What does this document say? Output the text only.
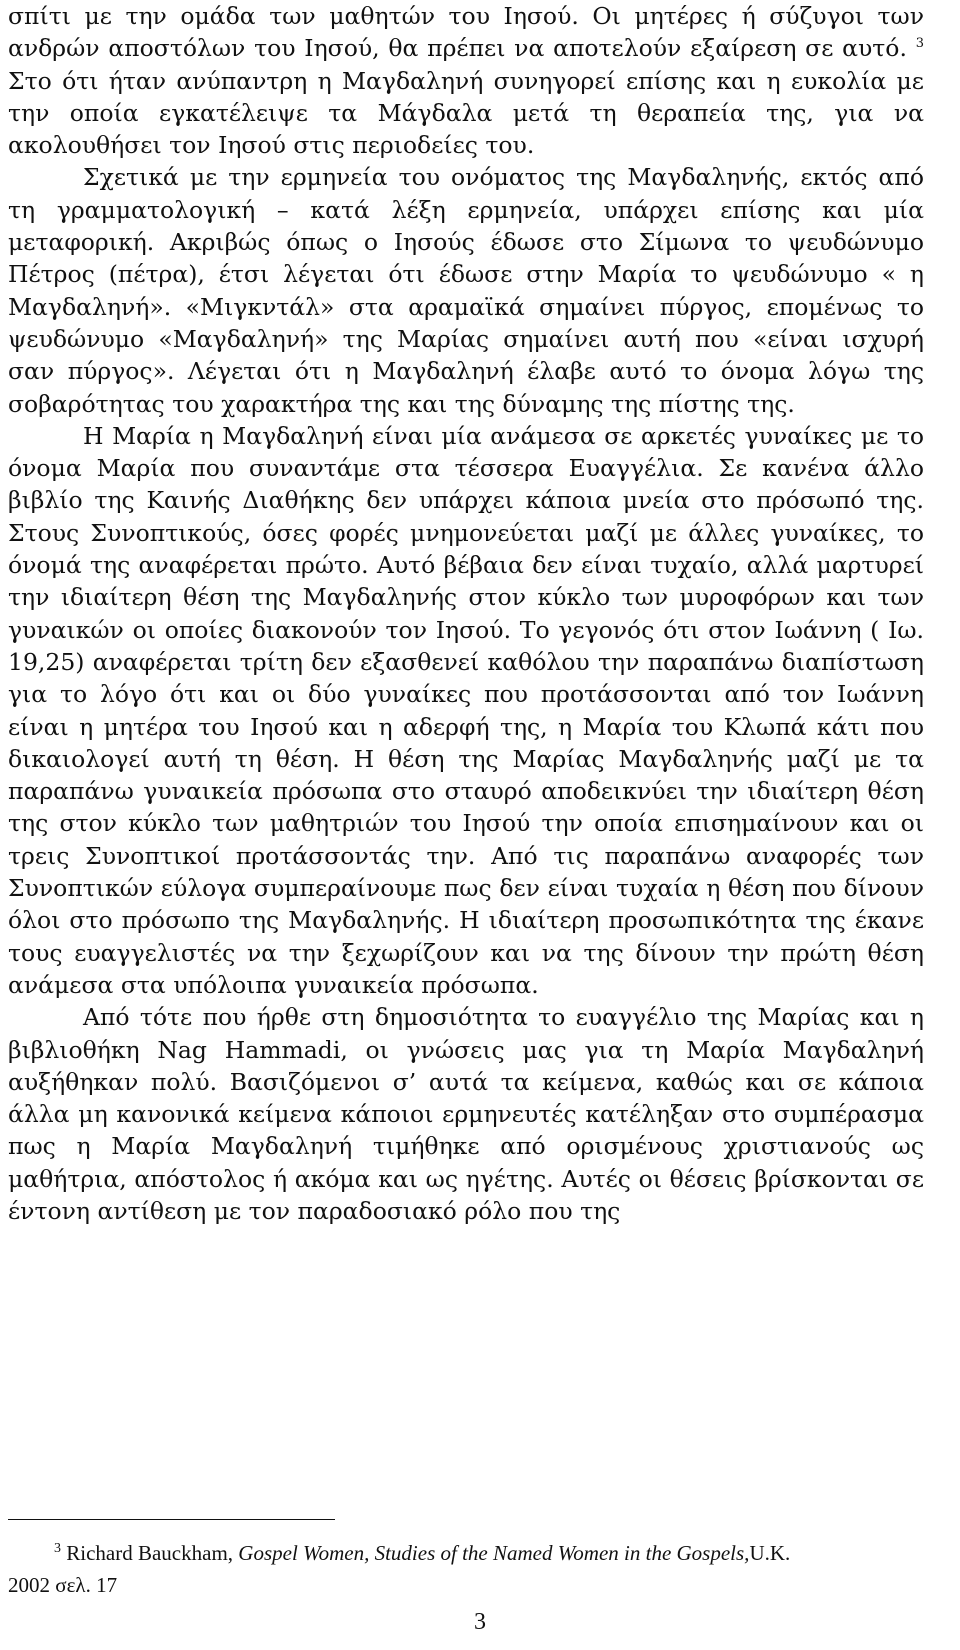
σπίτι με την ομάδα των μαθητών του Ιησού. Οι μητέρες ή σύζυγοι των ανδρών αποστόλων του Ιησού, θα πρέπει να αποτελούν εξαίρεση σε αυτό. $^3$ Στο ότι ήταν ανύπαντρη η Μαγδαληνή συνηγορεί επίσης και η ευκολία με την οποία εγκατέλειψε τα Μάγδαλα μετά τη θεραπεία της, για να ακολουθήσει τον Ιησού στις περιοδείες του.

Σχετικά με την ερμηνεία του ονόματος της Μαγδαληνής, εκτός από τη γραμματολογική – κατά λέξη ερμηνεία, υπάρχει επίσης και μία μεταφορική. Ακριβώς όπως ο Ιησούς έδωσε στο Σίμωνα το ψευδώνυμο Πέτρος (πέτρα), έτσι λέγεται ότι έδωσε στην Μαρία το ψευδώνυμο « η Μαγδαληνή». «Μιγκντάλ» στα αραμαϊκά σημαίνει πύργος, επομένως το ψευδώνυμο «Μαγδαληνή» της Μαρίας σημαίνει αυτή που «είναι ισχυρή σαν πύργος». Λέγεται ότι η Μαγδαληνή έλαβε αυτό το όνομα λόγω της σοβαρότητας του χαρακτήρα της και της δύναμης της πίστης της.

Η Μαρία η Μαγδαληνή είναι μία ανάμεσα σε αρκετές γυναίκες με το όνομα Μαρία που συναντάμε στα τέσσερα Ευαγγέλια. Σε κανένα άλλο βιβλίο της Καινής Διαθήκης δεν υπάρχει κάποια μνεία στο πρόσωπό της. Στους Συνοπτικούς, όσες φορές μνημονεύεται μαζί με άλλες γυναίκες, το όνομά της αναφέρεται πρώτο. Αυτό βέβαια δεν είναι τυχαίο, αλλά μαρτυρεί την ιδιαίτερη θέση της Μαγδαληνής στον κύκλο των μυροφόρων και των γυναικών οι οποίες διακονούν τον Ιησού. Το γεγονός ότι στον Ιωάννη ( Ιω. 19,25) αναφέρεται τρίτη δεν εξασθενεί καθόλου την παραπάνω διαπίστωση για το λόγο ότι και οι δύο γυναίκες που προτάσσονται από τον Ιωάννη είναι η μητέρα του Ιησού και η αδερφή της, η Μαρία του Κλωπά κάτι που δικαιολογεί αυτή τη θέση. Η θέση της Μαρίας Μαγδαληνής μαζί με τα παραπάνω γυναικεία πρόσωπα στο σταυρό αποδεικνύει την ιδιαίτερη θέση της στον κύκλο των μαθητριών του Ιησού την οποία επισημαίνουν και οι τρεις Συνοπτικοί προτάσσοντάς την. Από τις παραπάνω αναφορές των Συνοπτικών εύλογα συμπεραίνουμε πως δεν είναι τυχαία η θέση που δίνουν όλοι στο πρόσωπο της Μαγδαληνής. Η ιδιαίτερη προσωπικότητα της έκανε τους ευαγγελιστές να την ξεχωρίζουν και να της δίνουν την πρώτη θέση ανάμεσα στα υπόλοιπα γυναικεία πρόσωπα.

Από τότε που ήρθε στη δημοσιότητα το ευαγγέλιο της Μαρίας και η βιβλιοθήκη Nag Hammadi, οι γνώσεις μας για τη Μαρία Μαγδαληνή αυξήθηκαν πολύ. Βασιζόμενοι σ’ αυτά τα κείμενα, καθώς και σε κάποια άλλα μη κανονικά κείμενα κάποιοι ερμηνευτές κατέληξαν στο συμπέρασμα πως η Μαρία Μαγδαληνή τιμήθηκε από ορισμένους χριστιανούς ως μαθήτρια, απόστολος ή ακόμα και ως ηγέτης. Αυτές οι θέσεις βρίσκονται σε έντονη αντίθεση με τον παραδοσιακό ρόλο που της

$^3$ Richard Bauckham, Gospel Women, Studies of the Named Women in the Gospels,U.K.
2002 σελ. 17
3
